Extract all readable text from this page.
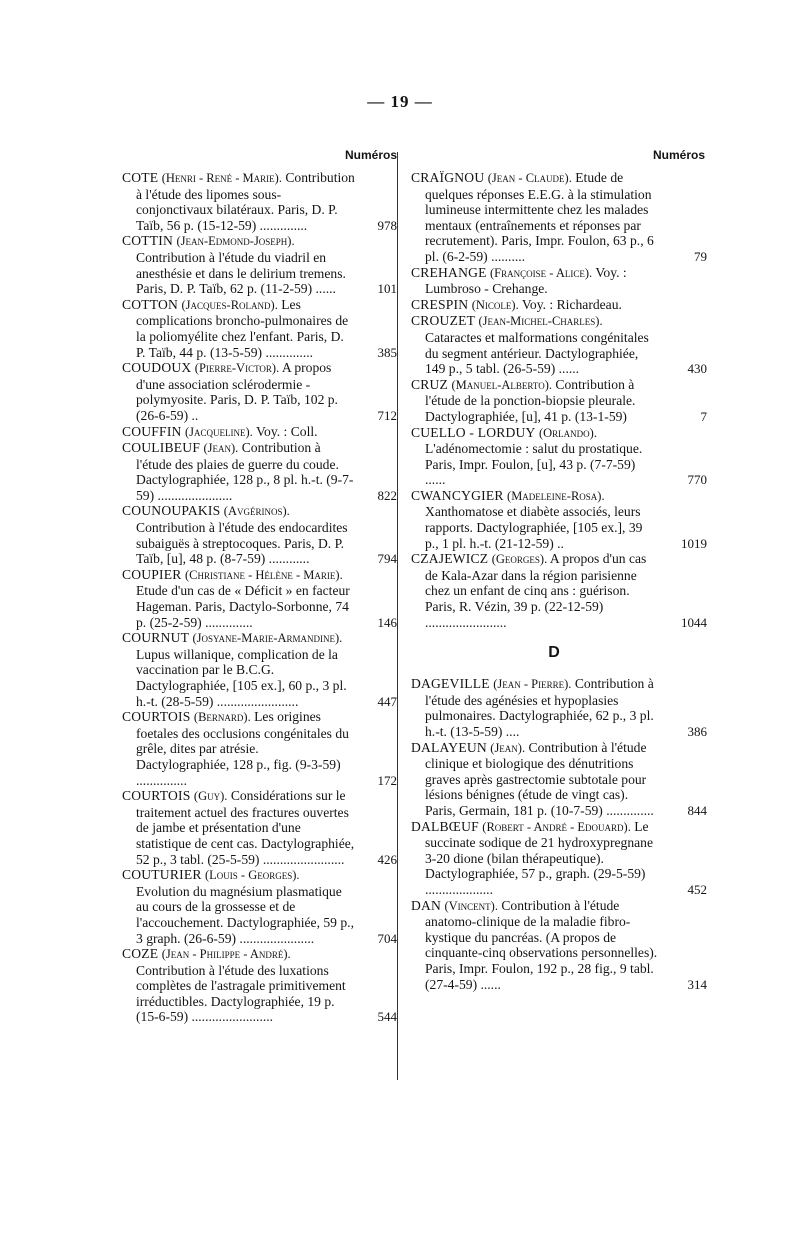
— 19 —
Numéros

COTE (Henri - René - Marie). Contribution à l'étude des lipomes sous-conjonctivaux bilatéraux. Paris, D. P. Taïb, 56 p. (15-12-59) ..............	978

COTTIN (Jean-Edmond-Joseph). Contribution à l'étude du viadril en anesthésie et dans le delirium tremens. Paris, D. P. Taïb, 62 p. (11-2-59) ......	101

COTTON (Jacques-Roland). Les complications broncho-pulmonaires de la poliomyélite chez l'enfant. Paris, D. P. Taïb, 44 p. (13-5-59) ..............	385

COUDOUX (Pierre-Victor). A propos d'une association sclérodermie - polymyosite. Paris, D. P. Taïb, 102 p. (26-6-59) ..	712

COUFFIN (Jacqueline). Voy. : Coll.

COULIBEUF (Jean). Contribution à l'étude des plaies de guerre du coude. Dactylographiée, 128 p., 8 pl. h.-t. (9-7-59) ......................	822

COUNOUPAKIS (Avgérinos). Contribution à l'étude des endocardites subaiguës à streptocoques. Paris, D. P. Taïb, [u], 48 p. (8-7-59) ............	794

COUPIER (Christiane - Hélène - Marie). Etude d'un cas de « Déficit » en facteur Hageman. Paris, Dactylo-Sorbonne, 74 p. (25-2-59) ..............	146

COURNUT (Josyane-Marie-Armandine). Lupus willanique, complication de la vaccination par le B.C.G. Dactylographiée, [105 ex.], 60 p., 3 pl. h.-t. (28-5-59) ........................	447

COURTOIS (Bernard). Les origines foetales des occlusions congénitales du grêle, dites par atrésie. Dactylographiée, 128 p., fig. (9-3-59) ...............	172

COURTOIS (Guy). Considérations sur le traitement actuel des fractures ouvertes de jambe et présentation d'une statistique de cent cas. Dactylographiée, 52 p., 3 tabl. (25-5-59) ........................	426

COUTURIER (Louis - Georges). Evolution du magnésium plasmatique au cours de la grossesse et de l'accouchement. Dactylographiée, 59 p., 3 graph. (26-6-59) ......................	704

COZE (Jean - Philippe - André). Contribution à l'étude des luxations complètes de l'astragale primitivement irréductibles. Dactylographiée, 19 p. (15-6-59) ........................	544

Numéros

CRAÏGNOU (Jean - Claude). Etude de quelques réponses E.E.G. à la stimulation lumineuse intermittente chez les malades mentaux (entraînements et réponses par recrutement). Paris, Impr. Foulon, 63 p., 6 pl. (6-2-59) ..........	79

CREHANGE (Françoise - Alice). Voy. : Lumbroso - Crehange.

CRESPIN (Nicole). Voy. : Richardeau.

CROUZET (Jean-Michel-Charles). Cataractes et malformations congénitales du segment antérieur. Dactylographiée, 149 p., 5 tabl. (26-5-59) ......	430

CRUZ (Manuel-Alberto). Contribution à l'étude de la ponction-biopsie pleurale. Dactylographiée, [u], 41 p. (13-1-59)	7

CUELLO - LORDUY (Orlando). L'adénomectomie : salut du prostatique. Paris, Impr. Foulon, [u], 43 p. (7-7-59) ......	770

CWANCYGIER (Madeleine-Rosa). Xanthomatose et diabète associés, leurs rapports. Dactylographiée, [105 ex.], 39 p., 1 pl. h.-t. (21-12-59) ..	1019

CZAJEWICZ (Georges). A propos d'un cas de Kala-Azar dans la région parisienne chez un enfant de cinq ans : guérison. Paris, R. Vézin, 39 p. (22-12-59) ........................	1044

D

DAGEVILLE (Jean - Pierre). Contribution à l'étude des agénésies et hypoplasies pulmonaires. Dactylographiée, 62 p., 3 pl. h.-t. (13-5-59) ....	386

DALAYEUN (Jean). Contribution à l'étude clinique et biologique des dénutritions graves après gastrectomie subtotale pour lésions bénignes (étude de vingt cas). Paris, Germain, 181 p. (10-7-59) ..............	844

DALBŒUF (Robert - André - Edouard). Le succinate sodique de 21 hydroxypregnane 3-20 dione (bilan thérapeutique). Dactylographiée, 57 p., graph. (29-5-59) ....................	452

DAN (Vincent). Contribution à l'étude anatomo-clinique de la maladie fibro-kystique du pancréas. (A propos de cinquante-cinq observations personnelles). Paris, Impr. Foulon, 192 p., 28 fig., 9 tabl. (27-4-59) ......	314
